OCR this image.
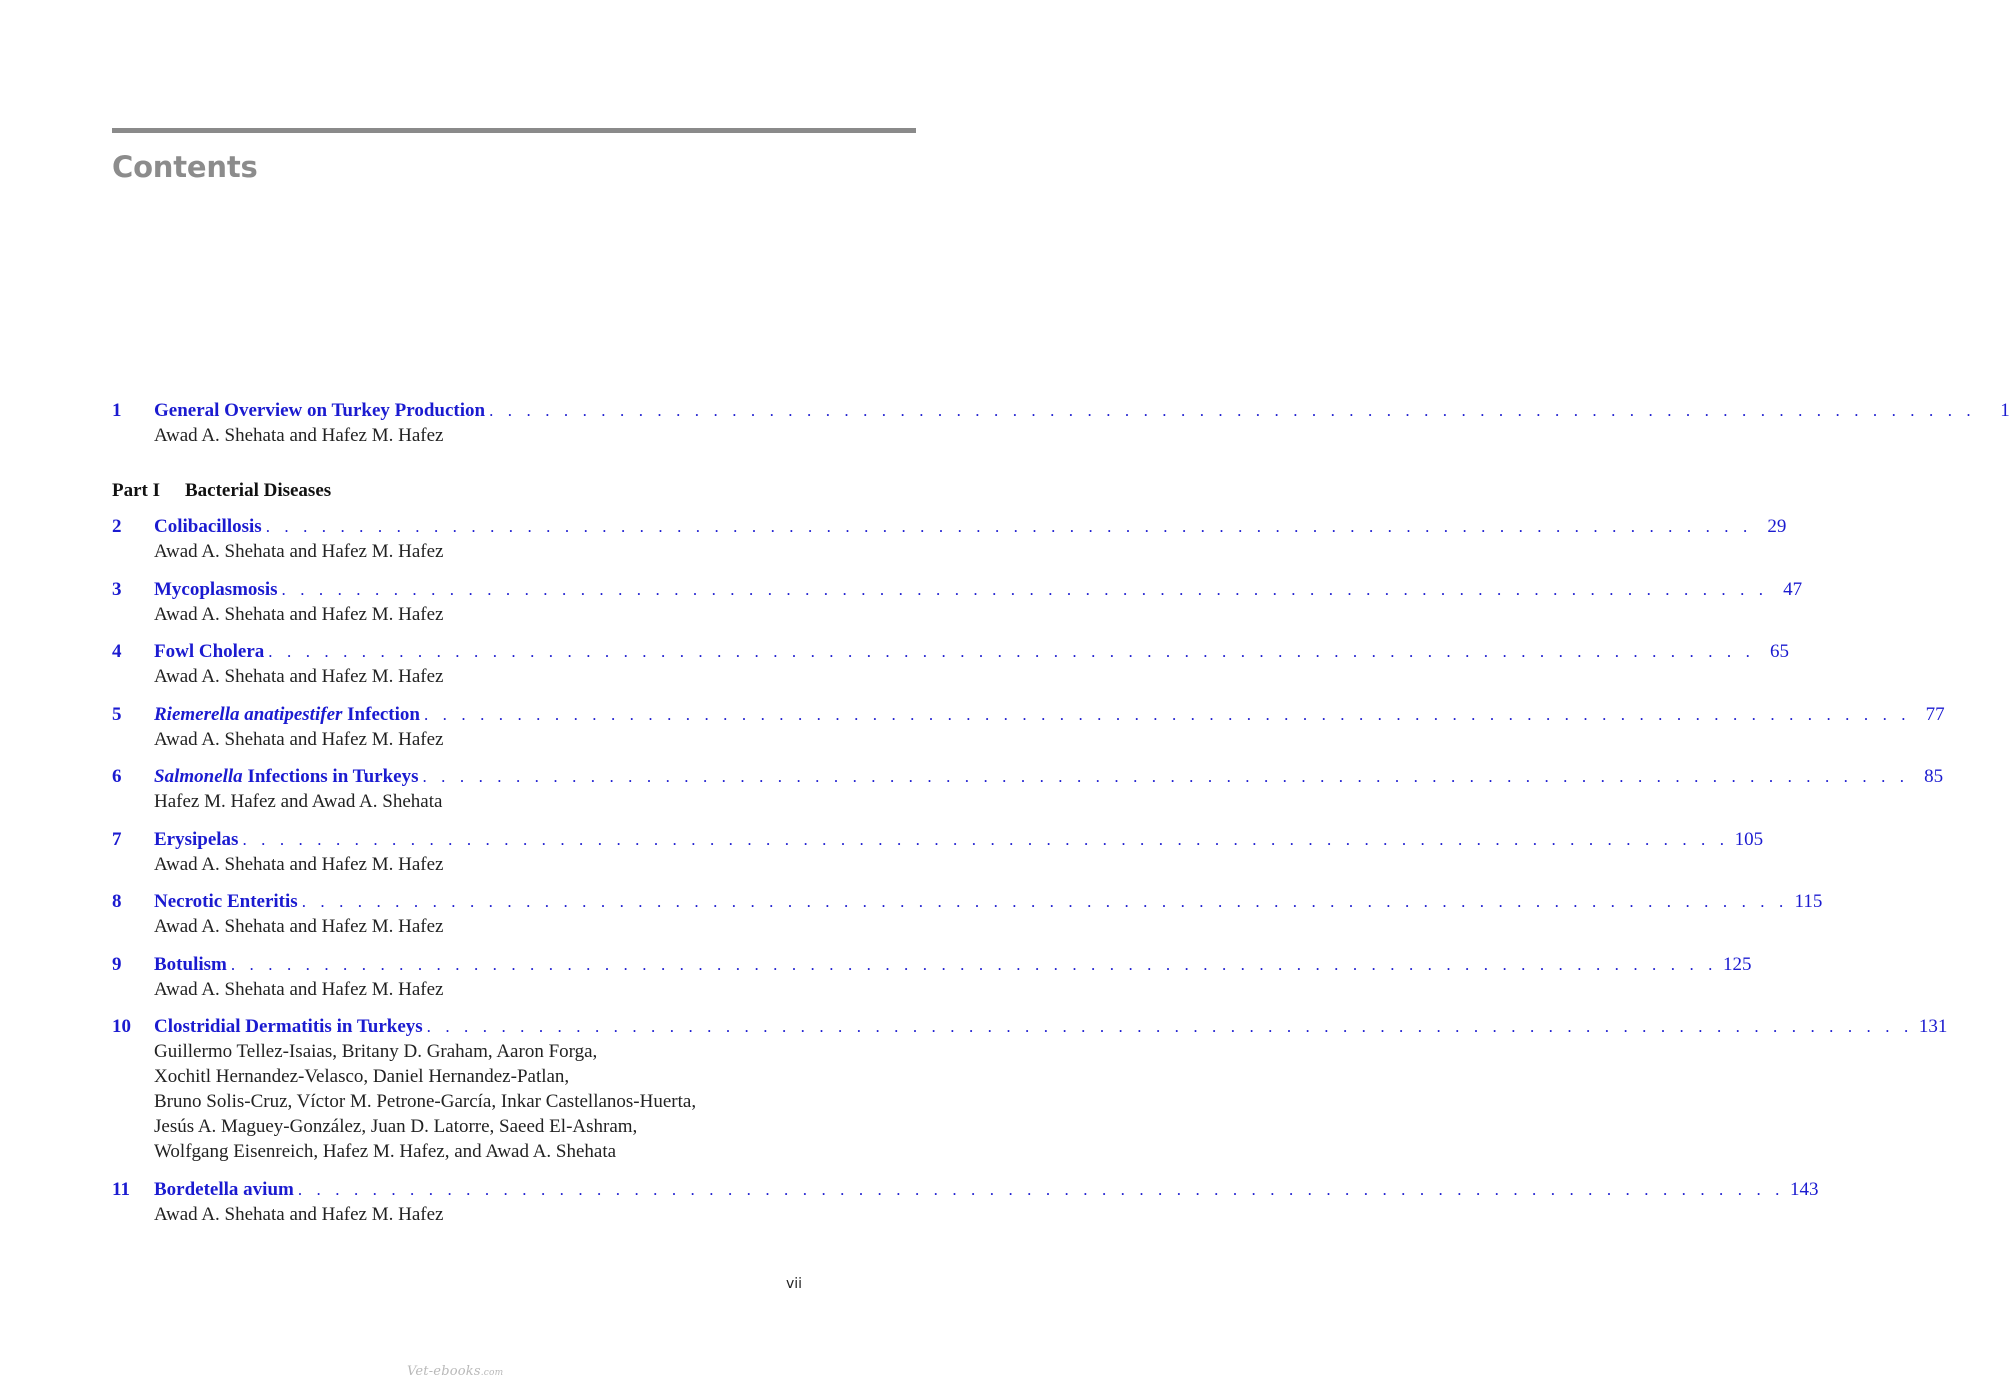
Contents
1	General Overview on Turkey Production . . . . . . . . . . . . . . . . . . . . . . . . . . . . . . . . . . . . . . . . . . . . . . . . . . . . . . . . . . . . . . . . . . . . . . . . . . . . . . . .	1
Awad A. Shehata and Hafez M. Hafez
Part I Bacterial Diseases
2	Colibacillosis . . . . . . . . . . . . . . . . . . . . . . . . . . . . . . . . . . . . . . . . . . . . . . . . . . . . . . . . . . . . . . . . . . . . . . . . . . . . . . . . 29
Awad A. Shehata and Hafez M. Hafez
3	Mycoplasmosis . . . . . . . . . . . . . . . . . . . . . . . . . . . . . . . . . . . . . . . . . . . . . . . . . . . . . . . . . . . . . . . . . . . . . . . . . . . . . . . . 47
Awad A. Shehata and Hafez M. Hafez
4	Fowl Cholera . . . . . . . . . . . . . . . . . . . . . . . . . . . . . . . . . . . . . . . . . . . . . . . . . . . . . . . . . . . . . . . . . . . . . . . . . . . . . . . . 65
Awad A. Shehata and Hafez M. Hafez
5	Riemerella anatipestifer Infection . . . . . . . . . . . . . . . . . . . . . . . . . . . . . . . . . . . . . . . . . . . . . . . . . . . . . . . . . . . . . . . . . . . . . . . . . . . . . . . . 77
Awad A. Shehata and Hafez M. Hafez
6	Salmonella Infections in Turkeys . . . . . . . . . . . . . . . . . . . . . . . . . . . . . . . . . . . . . . . . . . . . . . . . . . . . . . . . . . . . . . . . . . . . . . . . . . . . . . . . 85
Hafez M. Hafez and Awad A. Shehata
7	Erysipelas . . . . . . . . . . . . . . . . . . . . . . . . . . . . . . . . . . . . . . . . . . . . . . . . . . . . . . . . . . . . . . . . . . . . . . . . . . . . . . . . 105
Awad A. Shehata and Hafez M. Hafez
8	Necrotic Enteritis . . . . . . . . . . . . . . . . . . . . . . . . . . . . . . . . . . . . . . . . . . . . . . . . . . . . . . . . . . . . . . . . . . . . . . . . . . . . . . . . 115
Awad A. Shehata and Hafez M. Hafez
9	Botulism . . . . . . . . . . . . . . . . . . . . . . . . . . . . . . . . . . . . . . . . . . . . . . . . . . . . . . . . . . . . . . . . . . . . . . . . . . . . . . . . 125
Awad A. Shehata and Hafez M. Hafez
10	Clostridial Dermatitis in Turkeys . . . . . . . . . . . . . . . . . . . . . . . . . . . . . . . . . . . . . . . . . . . . . . . . . . . . . . . . . . . . . . . . . . . . . . . . . . . . . . . . 131
Guillermo Tellez-Isaias, Britany D. Graham, Aaron Forga,
Xochitl Hernandez-Velasco, Daniel Hernandez-Patlan,
Bruno Solis-Cruz, Víctor M. Petrone-García, Inkar Castellanos-Huerta,
Jesús A. Maguey-González, Juan D. Latorre, Saeed El-Ashram,
Wolfgang Eisenreich, Hafez M. Hafez, and Awad A. Shehata
11	Bordetella avium . . . . . . . . . . . . . . . . . . . . . . . . . . . . . . . . . . . . . . . . . . . . . . . . . . . . . . . . . . . . . . . . . . . . . . . . . . . . . . . . 143
Awad A. Shehata and Hafez M. Hafez
vii
Vet-ebooks.com
